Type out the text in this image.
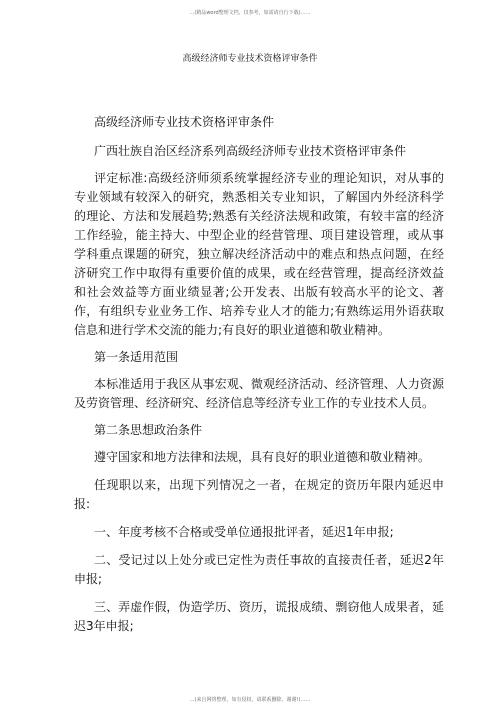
…(精品word整理文档，仅参考，如需请自行下载)……
高级经济师专业技术资格评审条件
高级经济师专业技术资格评审条件
广西壮族自治区经济系列高级经济师专业技术资格评审条件
评定标准:高级经济师须系统掌握经济专业的理论知识，对从事的专业领域有较深入的研究，熟悉相关专业知识，了解国内外经济科学的理论、方法和发展趋势;熟悉有关经济法规和政策，有较丰富的经济工作经验，能主持大、中型企业的经营管理、项目建设管理，或从事学科重点课题的研究，独立解决经济活动中的难点和热点问题，在经济研究工作中取得有重要价值的成果，或在经营管理，提高经济效益和社会效益等方面业绩显著;公开发表、出版有较高水平的论文、著作，有组织专业业务工作、培养专业人才的能力;有熟练运用外语获取信息和进行学术交流的能力;有良好的职业道德和敬业精神。
第一条适用范围
本标准适用于我区从事宏观、微观经济活动、经济管理、人力资源及劳资管理、经济研究、经济信息等经济专业工作的专业技术人员。
第二条思想政治条件
遵守国家和地方法律和法规，具有良好的职业道德和敬业精神。
任现职以来，出现下列情况之一者，在规定的资历年限内延迟申报:
一、年度考核不合格或受单位通报批评者，延迟1年申报;
二、受记过以上处分或已定性为责任事故的直接责任者，延迟2年申报;
三、弄虚作假，伪造学历、资历，谎报成绩、剽窃他人成果者，延迟3年申报;
…(来自网络整理，如有侵权，请联系删除，谢谢!)……
